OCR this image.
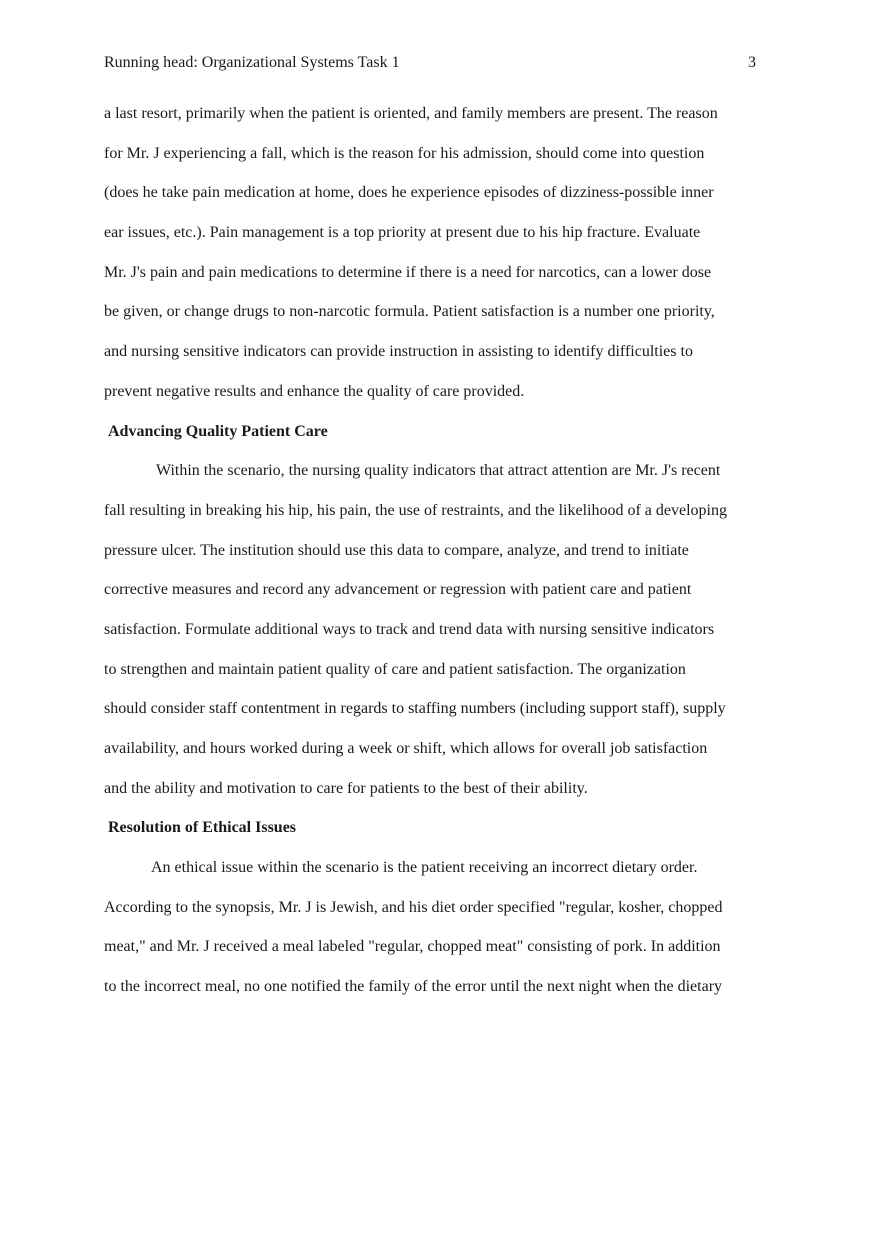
Running head: Organizational Systems Task 1	3
a last resort, primarily when the patient is oriented, and family members are present. The reason
for Mr. J experiencing a fall, which is the reason for his admission, should come into question
(does he take pain medication at home, does he experience episodes of dizziness-possible inner
ear issues, etc.). Pain management is a top priority at present due to his hip fracture. Evaluate
Mr. J's pain and pain medications to determine if there is a need for narcotics, can a lower dose
be given, or change drugs to non-narcotic formula. Patient satisfaction is a number one priority,
and nursing sensitive indicators can provide instruction in assisting to identify difficulties to
prevent negative results and enhance the quality of care provided.
Advancing Quality Patient Care
Within the scenario, the nursing quality indicators that attract attention are Mr. J's recent
fall resulting in breaking his hip, his pain, the use of restraints, and the likelihood of a developing
pressure ulcer. The institution should use this data to compare, analyze, and trend to initiate
corrective measures and record any advancement or regression with patient care and patient
satisfaction. Formulate additional ways to track and trend data with nursing sensitive indicators
to strengthen and maintain patient quality of care and patient satisfaction. The organization
should consider staff contentment in regards to staffing numbers (including support staff), supply
availability, and hours worked during a week or shift, which allows for overall job satisfaction
and the ability and motivation to care for patients to the best of their ability.
Resolution of Ethical Issues
An ethical issue within the scenario is the patient receiving an incorrect dietary order.
According to the synopsis, Mr. J is Jewish, and his diet order specified "regular, kosher, chopped
meat," and Mr. J received a meal labeled "regular, chopped meat" consisting of pork. In addition
to the incorrect meal, no one notified the family of the error until the next night when the dietary
